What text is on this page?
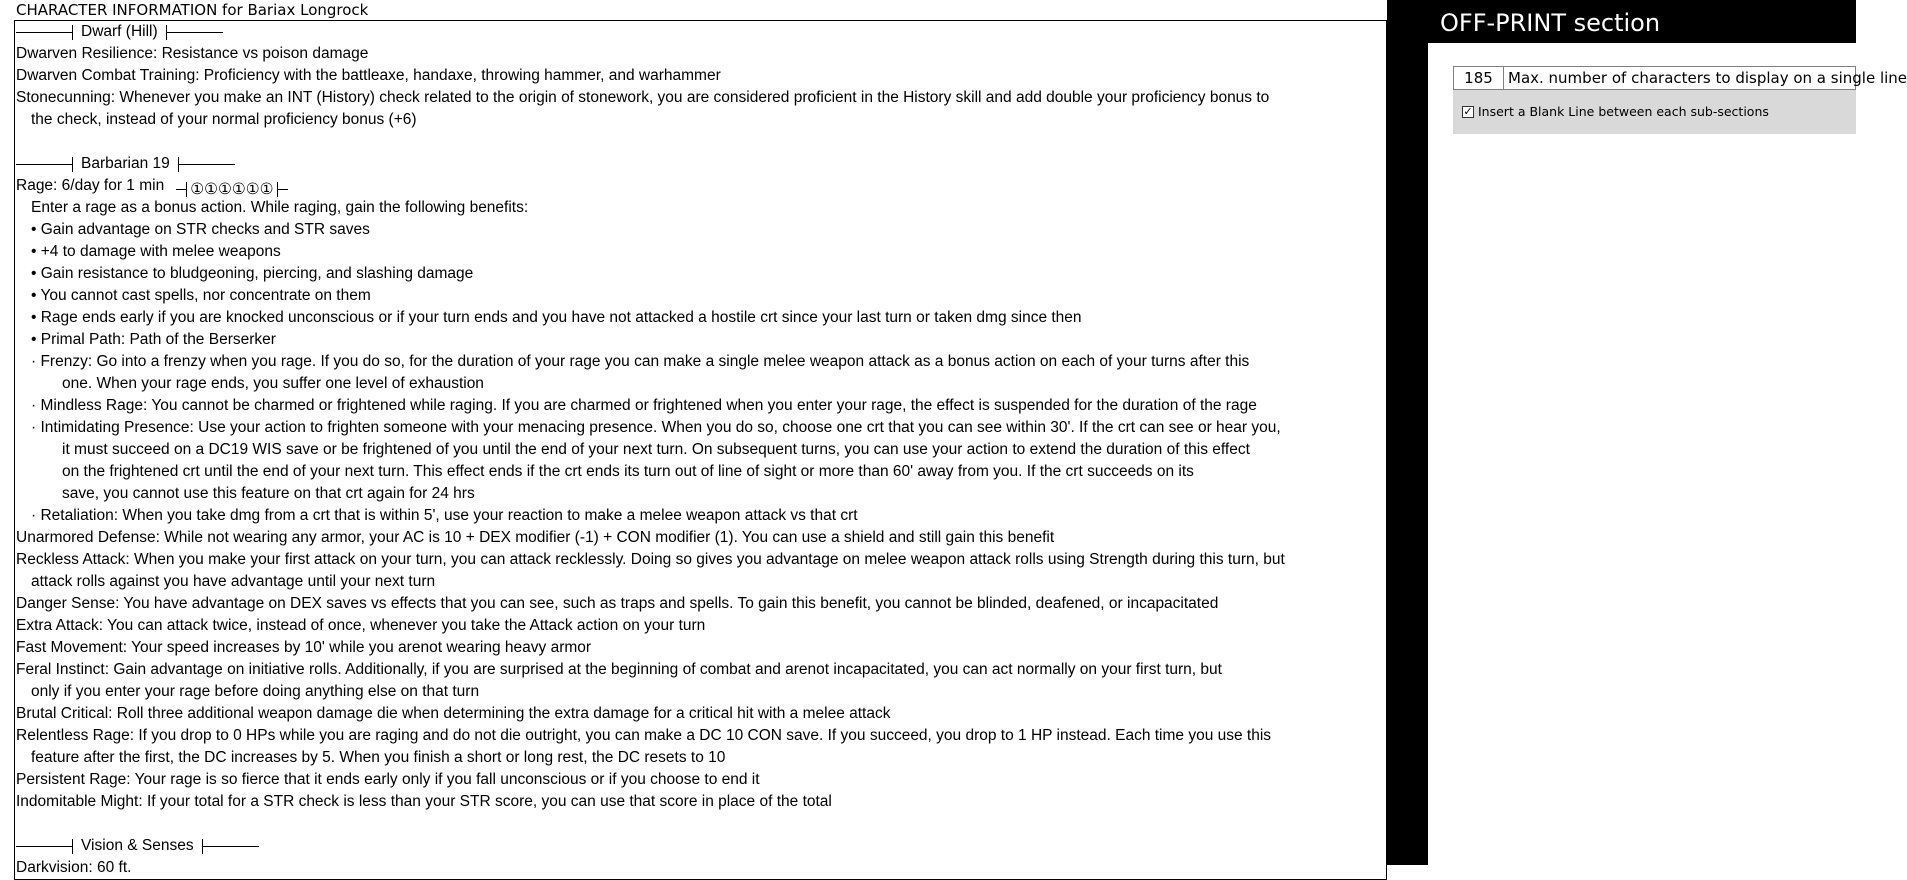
CHARACTER INFORMATION for Bariax Longrock
Dwarf (Hill)
Dwarven Resilience: Resistance vs poison damage
Dwarven Combat Training: Proficiency with the battleaxe, handaxe, throwing hammer, and warhammer
Stonecunning: Whenever you make an INT (History) check related to the origin of stonework, you are considered proficient in the History skill and add double your proficiency bonus to
the check, instead of your normal proficiency bonus (+6)
Barbarian 19
Rage: 6/day for 1 min ①①①①①①
Enter a rage as a bonus action. While raging, gain the following benefits:
• Gain advantage on STR checks and STR saves
• +4 to damage with melee weapons
• Gain resistance to bludgeoning, piercing, and slashing damage
• You cannot cast spells, nor concentrate on them
• Rage ends early if you are knocked unconscious or if your turn ends and you have not attacked a hostile crt since your last turn or taken dmg since then
• Primal Path: Path of the Berserker
· Frenzy: Go into a frenzy when you rage. If you do so, for the duration of your rage you can make a single melee weapon attack as a bonus action on each of your turns after this
one. When your rage ends, you suffer one level of exhaustion
· Mindless Rage: You cannot be charmed or frightened while raging. If you are charmed or frightened when you enter your rage, the effect is suspended for the duration of the rage
· Intimidating Presence: Use your action to frighten someone with your menacing presence. When you do so, choose one crt that you can see within 30'. If the crt can see or hear you,
it must succeed on a DC19 WIS save or be frightened of you until the end of your next turn. On subsequent turns, you can use your action to extend the duration of this effect
on the frightened crt until the end of your next turn. This effect ends if the crt ends its turn out of line of sight or more than 60' away from you. If the crt succeeds on its
save, you cannot use this feature on that crt again for 24 hrs
· Retaliation: When you take dmg from a crt that is within 5', use your reaction to make a melee weapon attack vs that crt
Unarmored Defense: While not wearing any armor, your AC is 10 + DEX modifier (-1) + CON modifier (1). You can use a shield and still gain this benefit
Reckless Attack: When you make your first attack on your turn, you can attack recklessly. Doing so gives you advantage on melee weapon attack rolls using Strength during this turn, but
attack rolls against you have advantage until your next turn
Danger Sense: You have advantage on DEX saves vs effects that you can see, such as traps and spells. To gain this benefit, you cannot be blinded, deafened, or incapacitated
Extra Attack: You can attack twice, instead of once, whenever you take the Attack action on your turn
Fast Movement: Your speed increases by 10' while you arenot wearing heavy armor
Feral Instinct: Gain advantage on initiative rolls. Additionally, if you are surprised at the beginning of combat and arenot incapacitated, you can act normally on your first turn, but
only if you enter your rage before doing anything else on that turn
Brutal Critical: Roll three additional weapon damage die when determining the extra damage for a critical hit with a melee attack
Relentless Rage: If you drop to 0 HPs while you are raging and do not die outright, you can make a DC 10 CON save. If you succeed, you drop to 1 HP instead. Each time you use this
feature after the first, the DC increases by 5. When you finish a short or long rest, the DC resets to 10
Persistent Rage: Your rage is so fierce that it ends early only if you fall unconscious or if you choose to end it
Indomitable Might: If your total for a STR check is less than your STR score, you can use that score in place of the total
Vision & Senses
Darkvision: 60 ft.
OFF-PRINT section
185	Max. number of characters to display on a single line
✓ Insert a Blank Line between each sub-sections
